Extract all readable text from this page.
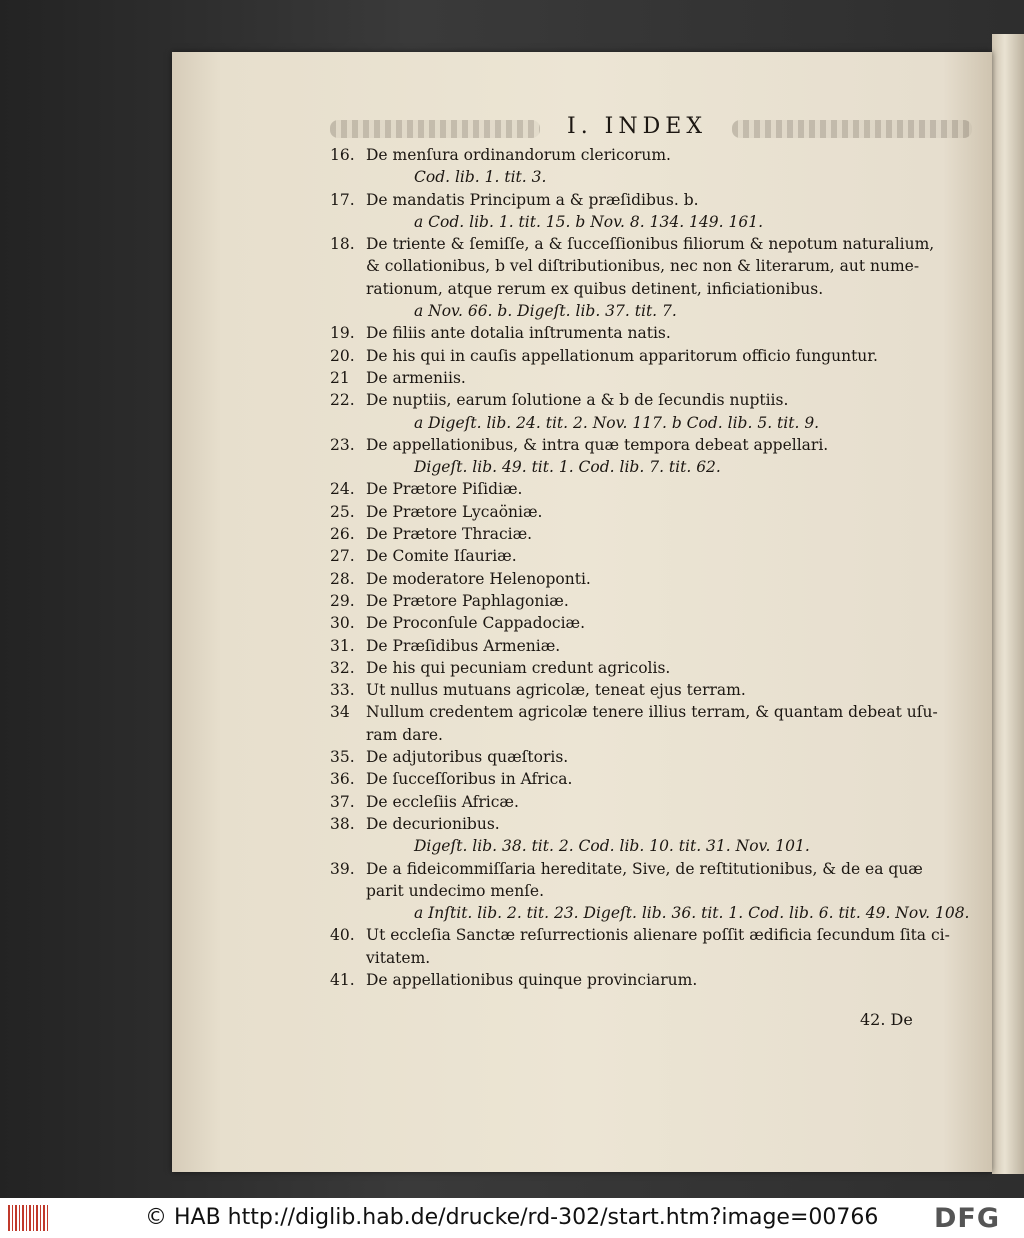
I. INDEX
16. De menſura ordinandorum clericorum.
Cod. lib. 1. tit. 3.
17. De mandatis Principum a & præſidibus. b.
a Cod. lib. 1. tit. 15. b Nov. 8. 134. 149. 161.
18. De triente & ſemiſſe, a & ſucceſſionibus filiorum & nepotum naturalium,
& collationibus, b vel diſtributionibus, nec non & literarum, aut nume-
rationum, atque rerum ex quibus detinent, inficiationibus.
a Nov. 66. b. Digeſt. lib. 37. tit. 7.
19. De filiis ante dotalia inſtrumenta natis.
20. De his qui in cauſis appellationum apparitorum officio funguntur.
21	De armeniis.
22. De nuptiis, earum ſolutione a & b de ſecundis nuptiis.
a Digeſt. lib. 24. tit. 2. Nov. 117. b Cod. lib. 5. tit. 9.
23. De appellationibus, & intra quæ tempora debeat appellari.
Digeſt. lib. 49. tit. 1. Cod. lib. 7. tit. 62.
24. De Prætore Piſidiæ.
25. De Prætore Lycaöniæ.
26. De Prætore Thraciæ.
27. De Comite Iſauriæ.
28. De moderatore Helenoponti.
29. De Prætore Paphlagoniæ.
30. De Proconſule Cappadociæ.
31. De Præſidibus Armeniæ.
32. De his qui pecuniam credunt agricolis.
33. Ut nullus mutuans agricolæ, teneat ejus terram.
34	Nullum credentem agricolæ tenere illius terram, & quantam debeat uſu-
ram dare.
35. De adjutoribus quæſtoris.
36. De ſucceſſoribus in Africa.
37. De eccleſiis Africæ.
38. De decurionibus.
Digeſt. lib. 38. tit. 2. Cod. lib. 10. tit. 31. Nov. 101.
39. De a fideicommiſſaria hereditate, Sive, de reſtitutionibus, & de ea quæ
parit undecimo menſe.
a Inſtit. lib. 2. tit. 23. Digeſt. lib. 36. tit. 1. Cod. lib. 6. tit. 49. Nov. 108.
40. Ut eccleſia Sanctæ reſurrectionis alienare poſſit ædificia ſecundum ſita ci-
vitatem.
41. De appellationibus quinque provinciarum.
42. De
© HAB http://diglib.hab.de/drucke/rd-302/start.htm?image=00766 DFG
